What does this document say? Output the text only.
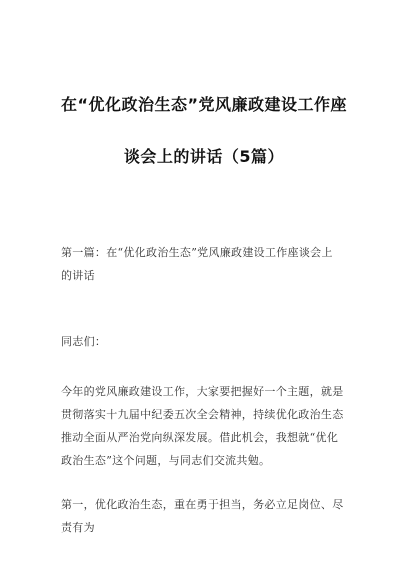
在“优化政治生态”党风廉政建设工作座
谈会上的讲话（5篇）
第一篇：在“优化政治生态”党风廉政建设工作座谈会上
的讲话
同志们：
今年的党风廉政建设工作，大家要把握好一个主题，就是
贯彻落实十九届中纪委五次全会精神，持续优化政治生态
推动全面从严治党向纵深发展。借此机会，我想就“优化
政治生态”这个问题，与同志们交流共勉。
第一，优化政治生态，重在勇于担当，务必立足岗位、尽
责有为
